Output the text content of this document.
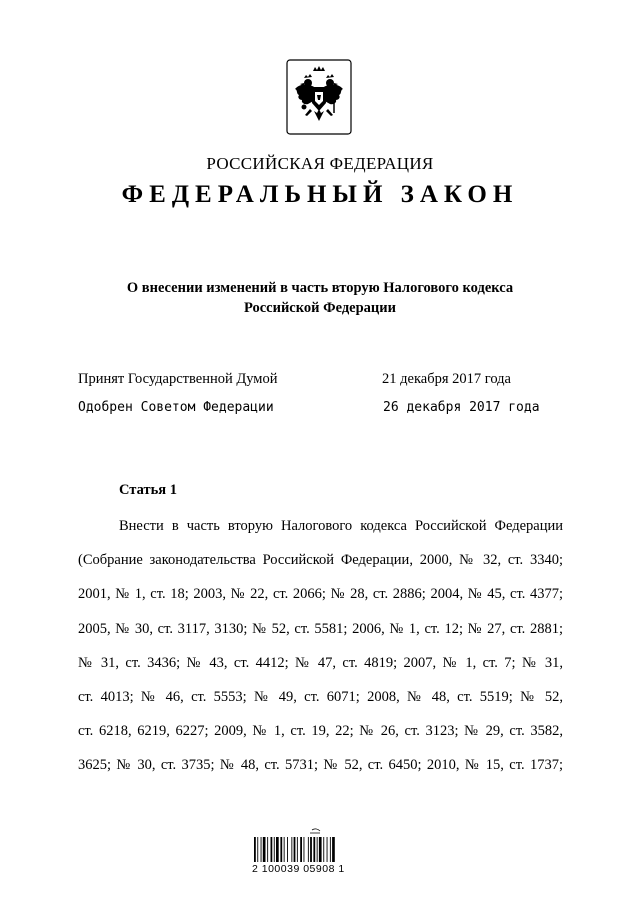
РОССИЙСКАЯ ФЕДЕРАЦИЯ
ФЕДЕРАЛЬНЫЙ ЗАКОН
О внесении изменений в часть вторую Налогового кодекса
Российской Федерации
Принят Государственной Думой	21 декабря 2017 года
Одобрен Советом Федерации	26 декабря 2017 года
Статья 1
Внести в часть вторую Налогового кодекса Российской Федерации
(Собрание законодательства Российской Федерации, 2000, № 32, ст. 3340;
2001, № 1, ст. 18; 2003, № 22, ст. 2066; № 28, ст. 2886; 2004, № 45, ст. 4377;
2005, № 30, ст. 3117, 3130; № 52, ст. 5581; 2006, № 1, ст. 12; № 27, ст. 2881;
№ 31, ст. 3436; № 43, ст. 4412; № 47, ст. 4819; 2007, № 1, ст. 7; № 31,
ст. 4013; № 46, ст. 5553; № 49, ст. 6071; 2008, № 48, ст. 5519; № 52,
ст. 6218, 6219, 6227; 2009, № 1, ст. 19, 22; № 26, ст. 3123; № 29, ст. 3582,
3625; № 30, ст. 3735; № 48, ст. 5731; № 52, ст. 6450; 2010, № 15, ст. 1737;
2 100039 05908 1
